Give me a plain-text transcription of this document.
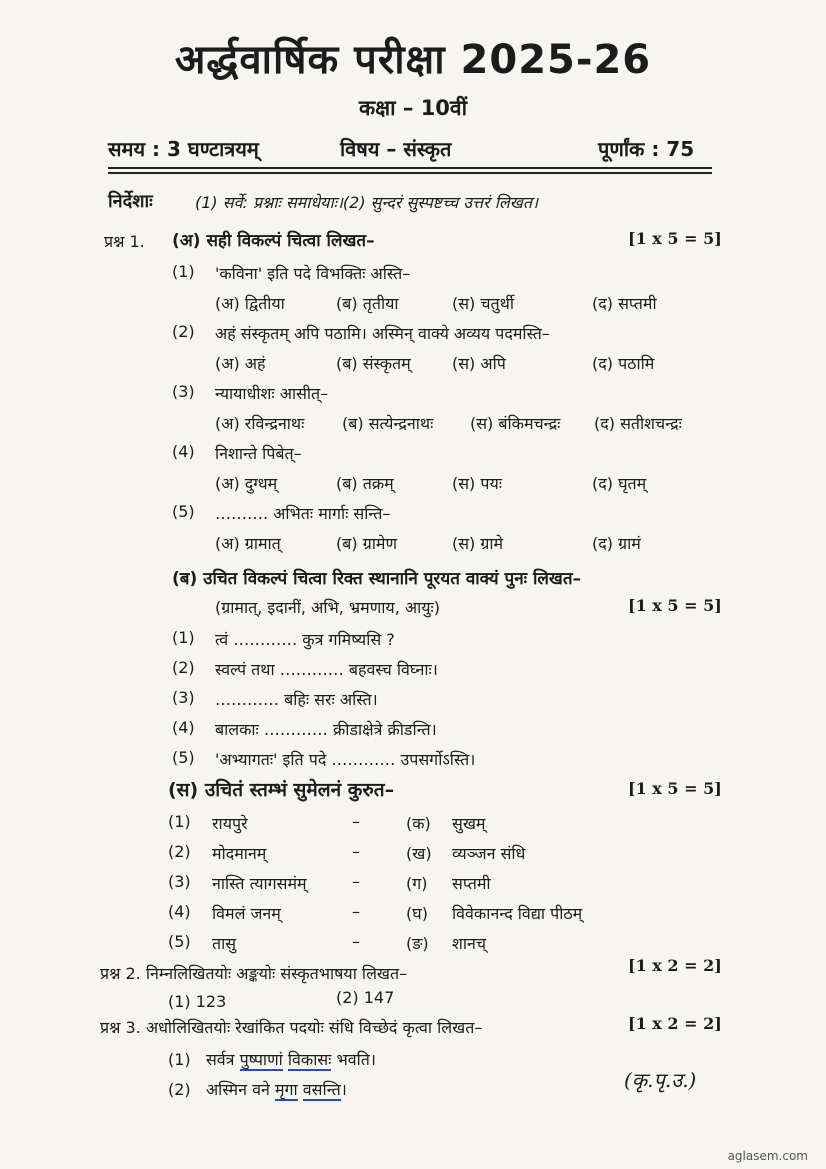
अर्द्धवार्षिक परीक्षा 2025-26
कक्षा – 10वीं
समय : 3 घण्टात्रयम्	विषय – संस्कृत	पूर्णांक : 75
निर्देशाः	(1) सर्वे: प्रश्नाः समाधेयाः।(2) सुन्दरं सुस्पष्टच्च उत्तरं लिखत।
प्रश्न 1. (अ) सही विकल्पं चित्वा लिखत–	[1 x 5 = 5]
(1) 'कविना' इति पदे विभक्तिः अस्ति–
(अ) द्वितीया	(ब) तृतीया	(स) चतुर्थी	(द) सप्तमी
(2) अहं संस्कृतम् अपि पठामि। अस्मिन् वाक्ये अव्यय पदमस्ति–
(अ) अहं	(ब) संस्कृतम्	(स) अपि	(द) पठामि
(3) न्यायाधीशः आसीत्–
(अ) रविन्द्रनाथः (ब) सत्येन्द्रनाथः (स) बंकिमचन्द्रः (द) सतीशचन्द्रः
(4) निशान्ते पिबेत्–
(अ) दुग्धम्	(ब) तक्रम्	(स) पयः	(द) घृतम्
(5) ………. अभितः मार्गाः सन्ति–
(अ) ग्रामात्	(ब) ग्रामेण	(स) ग्रामे	(द) ग्रामं
(ब) उचित विकल्पं चित्वा रिक्त स्थानानि पूरयत वाक्यं पुनः लिखत–
(ग्रामात्, इदानीं, अभि, भ्रमणाय, आयुः)	[1 x 5 = 5]
(1) त्वं ………… कुत्र गमिष्यसि ?
(2) स्वल्पं तथा ………… बहवस्च विघ्नाः।
(3) ………… बहिः सरः अस्ति।
(4) बालकाः ………… क्रीडाक्षेत्रे क्रीडन्ति।
(5) 'अभ्यागतः' इति पदे ………… उपसर्गोऽस्ति।
(स) उचितं स्तम्भं सुमेलनं कुरुत–	[1 x 5 = 5]
(1) रायपुरे	–	(क) सुखम्
(2) मोदमानम्	–	(ख) व्यञ्जन संधि
(3) नास्ति त्यागसमंम्	–	(ग) सप्तमी
(4) विमलं जनम्	–	(घ) विवेकानन्द विद्या पीठम्
(5) तासु	–	(ङ) शानच्
प्रश्न 2. निम्नलिखितयोः अङ्कयोः संस्कृतभाषया लिखत–	[1 x 2 = 2]
(1) 123	(2) 147
प्रश्न 3. अधोलिखितयोः रेखांकित पदयोः संधि विच्छेदं कृत्वा लिखत–	[1 x 2 = 2]
(1) सर्वत्र पुष्पाणां विकासः भवति।
(2) अस्मिन वने मृगा वसन्ति।	(कृ.पृ.उ.)
aglasem.com
